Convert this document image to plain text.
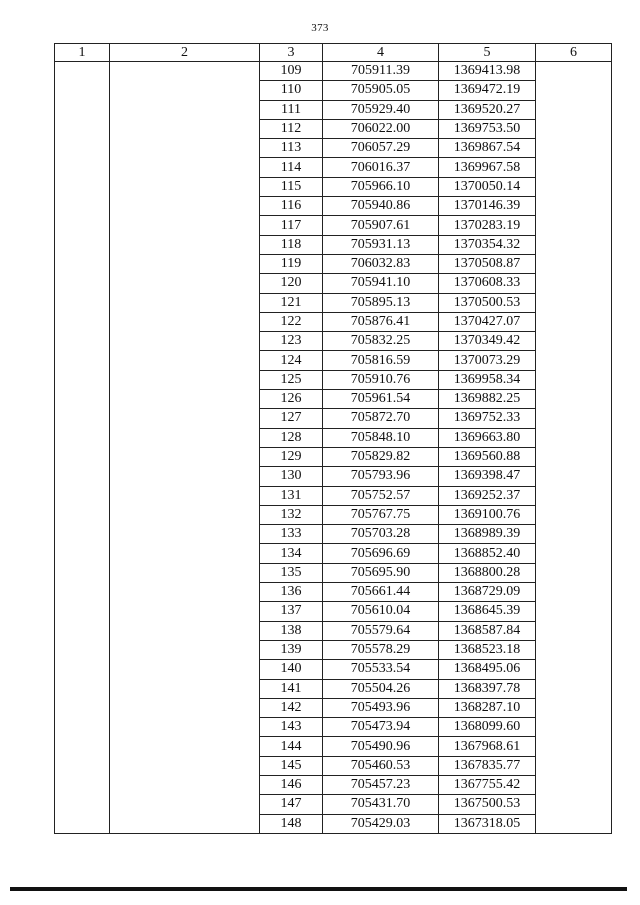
373
1	2	3	4	5	6
		109	705911.39	1369413.98	
		110	705905.05	1369472.19	
		111	705929.40	1369520.27	
		112	706022.00	1369753.50	
		113	706057.29	1369867.54	
		114	706016.37	1369967.58	
		115	705966.10	1370050.14	
		116	705940.86	1370146.39	
		117	705907.61	1370283.19	
		118	705931.13	1370354.32	
		119	706032.83	1370508.87	
		120	705941.10	1370608.33	
		121	705895.13	1370500.53	
		122	705876.41	1370427.07	
		123	705832.25	1370349.42	
		124	705816.59	1370073.29	
		125	705910.76	1369958.34	
		126	705961.54	1369882.25	
		127	705872.70	1369752.33	
		128	705848.10	1369663.80	
		129	705829.82	1369560.88	
		130	705793.96	1369398.47	
		131	705752.57	1369252.37	
		132	705767.75	1369100.76	
		133	705703.28	1368989.39	
		134	705696.69	1368852.40	
		135	705695.90	1368800.28	
		136	705661.44	1368729.09	
		137	705610.04	1368645.39	
		138	705579.64	1368587.84	
		139	705578.29	1368523.18	
		140	705533.54	1368495.06	
		141	705504.26	1368397.78	
		142	705493.96	1368287.10	
		143	705473.94	1368099.60	
		144	705490.96	1367968.61	
		145	705460.53	1367835.77	
		146	705457.23	1367755.42	
		147	705431.70	1367500.53	
		148	705429.03	1367318.05	
